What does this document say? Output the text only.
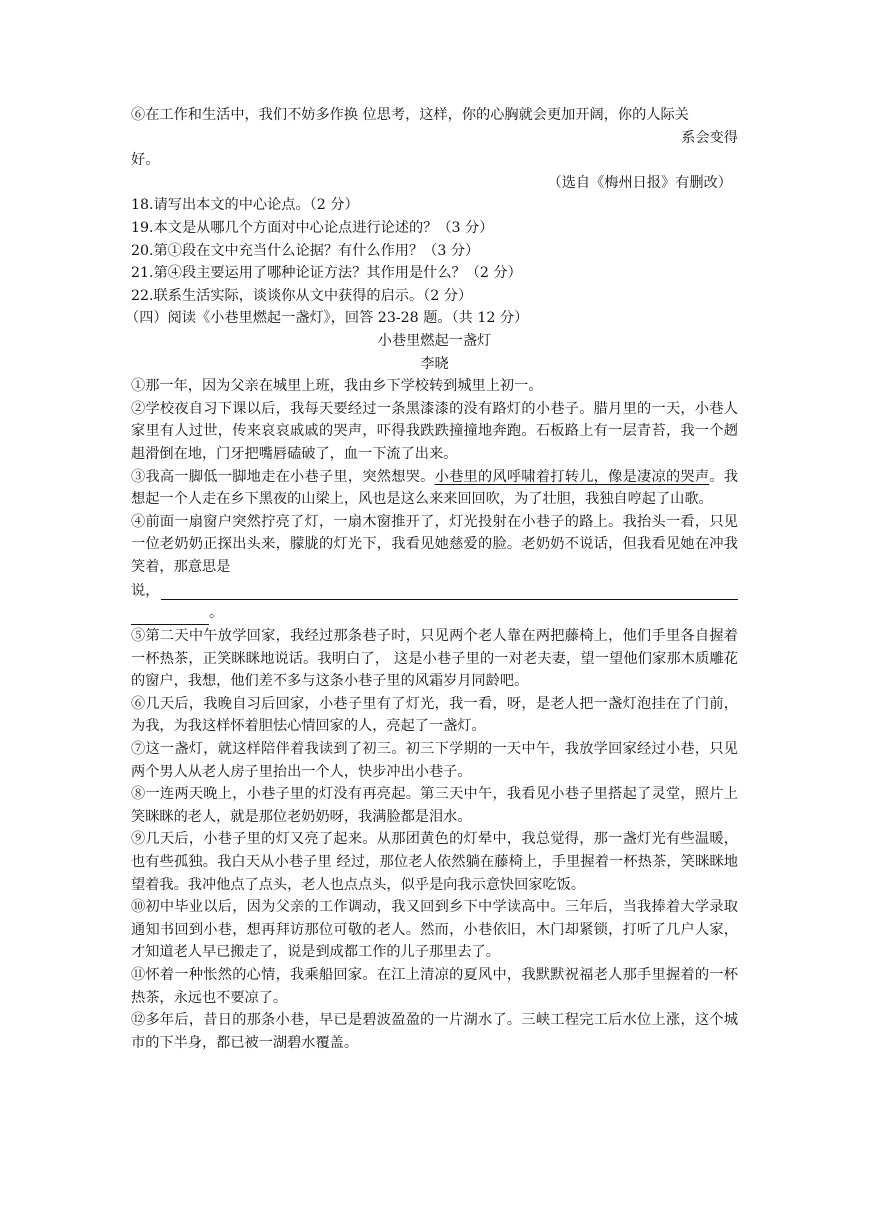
⑥在工作和生活中，我们不妨多作换 位思考，这样，你的心胸就会更加开阔，你的人际关
系会变得
好。
（选自《梅州日报》有删改）
18.请写出本文的中心论点。（2 分）
19.本文是从哪几个方面对中心论点进行论述的？（3 分）
20.第①段在文中充当什么论据？有什么作用？（3 分）
21.第④段主要运用了哪种论证方法？其作用是什么？（2 分）
22.联系生活实际，谈谈你从文中获得的启示。（2 分）
（四）阅读《小巷里燃起一盏灯》，回答 23-28 题。（共 12 分）
小巷里燃起一盏灯
李晓
①那一年，因为父亲在城里上班，我由乡下学校转到城里上初一。
②学校夜自习下课以后，我每天要经过一条黑漆漆的没有路灯的小巷子。腊月里的一天，小巷人家里有人过世，传来哀哀戚戚的哭声，吓得我跌跌撞撞地奔跑。石板路上有一层青苔，我一个趔趄滑倒在地，门牙把嘴唇磕破了，血一下流了出来。
③我高一脚低一脚地走在小巷子里，突然想哭。小巷里的风呼啸着打转儿，像是凄凉的哭声。我想起一个人走在乡下黑夜的山梁上，风也是这么来来回回吹，为了壮胆，我独自哼起了山歌。
④前面一扇窗户突然拧亮了灯，一扇木窗推开了，灯光投射在小巷子的路上。我抬头一看，只见一位老奶奶正探出头来，朦胧的灯光下，我看见她慈爱的脸。老奶奶不说话，但我看见她在冲我笑着，那意思是
说，
。
⑤第二天中午放学回家，我经过那条巷子时，只见两个老人靠在两把藤椅上，他们手里各自握着一杯热茶，正笑眯眯地说话。我明白了， 这是小巷子里的一对老夫妻，望一望他们家那木质雕花的窗户，我想，他们差不多与这条小巷子里的风霜岁月同龄吧。
⑥几天后，我晚自习后回家，小巷子里有了灯光，我一看，呀，是老人把一盏灯泡挂在了门前，为我，为我这样怀着胆怯心情回家的人，亮起了一盏灯。
⑦这一盏灯，就这样陪伴着我读到了初三。初三下学期的一天中午，我放学回家经过小巷，只见两个男人从老人房子里抬出一个人，快步冲出小巷子。
⑧一连两天晚上，小巷子里的灯没有再亮起。第三天中午，我看见小巷子里搭起了灵堂，照片上笑眯眯的老人，就是那位老奶奶呀，我满脸都是泪水。
⑨几天后，小巷子里的灯又亮了起来。从那团黄色的灯晕中，我总觉得，那一盏灯光有些温暖，也有些孤独。我白天从小巷子里 经过，那位老人依然躺在藤椅上，手里握着一杯热茶，笑眯眯地望着我。我冲他点了点头，老人也点点头，似乎是向我示意快回家吃饭。
⑩初中毕业以后，因为父亲的工作调动，我又回到乡下中学读高中。三年后，当我捧着大学录取通知书回到小巷，想再拜访那位可敬的老人。然而，小巷依旧，木门却紧锁，打听了几户人家，才知道老人早已搬走了，说是到成都工作的儿子那里去了。
⑪怀着一种怅然的心情，我乘船回家。在江上清凉的夏风中，我默默祝福老人那手里握着的一杯热茶，永远也不要凉了。
⑫多年后，昔日的那条小巷，早已是碧波盈盈的一片湖水了。三峡工程完工后水位上涨，这个城市的下半身，都已被一湖碧水覆盖。
